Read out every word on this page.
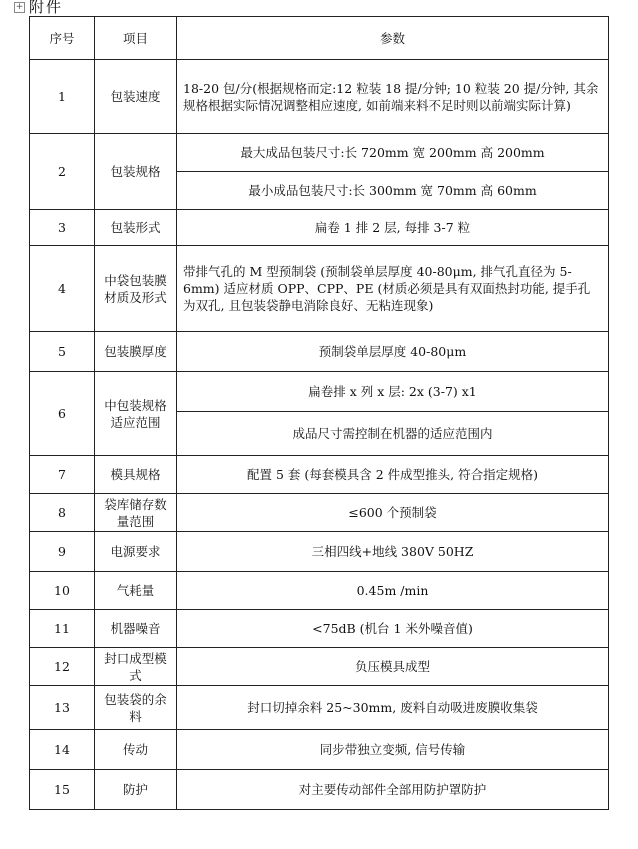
+ 附件
序号	项目	参数
1	包装速度	18-20 包/分(根据规格而定:12 粒装 18 提/分钟; 10 粒装 20 提/分钟, 其余规格根据实际情况调整相应速度, 如前端来料不足时则以前端实际计算)
2	包装规格	最大成品包装尺寸:长 720mm 宽 200mm 高 200mm
		最小成品包装尺寸:长 300mm 宽 70mm 高 60mm
3	包装形式	扁卷 1 排 2 层, 每排 3-7 粒
4	中袋包装膜材质及形式	带排气孔的 M 型预制袋 (预制袋单层厚度 40-80μm, 排气孔直径为 5-6mm) 适应材质 OPP、CPP、PE (材质必须是具有双面热封功能, 提手孔为双孔, 且包装袋静电消除良好、无粘连现象)
5	包装膜厚度	预制袋单层厚度 40-80μm
6	中包装规格适应范围	扁卷排 x 列 x 层: 2x (3-7) x1
		成品尺寸需控制在机器的适应范围内
7	模具规格	配置 5 套 (每套模具含 2 件成型推头, 符合指定规格)
8	袋库储存数量范围	≤600 个预制袋
9	电源要求	三相四线+地线 380V 50HZ
10	气耗量	0.45m /min
11	机器噪音	<75dB (机台 1 米外噪音值)
12	封口成型模式	负压模具成型
13	包装袋的余料	封口切掉余料 25~30mm, 废料自动吸进废膜收集袋
14	传动	同步带独立变频, 信号传输
15	防护	对主要传动部件全部用防护罩防护
